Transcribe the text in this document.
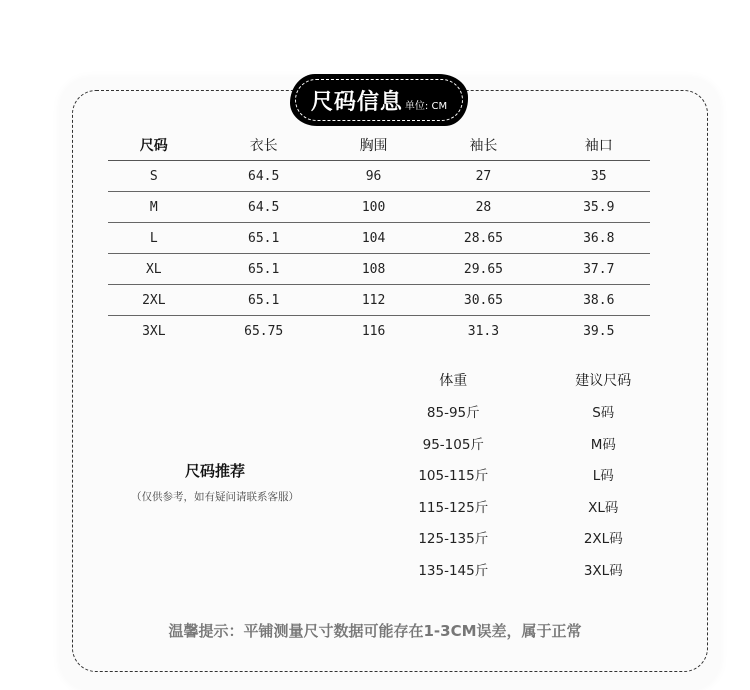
尺码信息 单位: CM
尺码	衣长	胸围	袖长	袖口
S	64.5	96	27	35
M	64.5	100	28	35.9
L	65.1	104	28.65	36.8
XL	65.1	108	29.65	37.7
2XL	65.1	112	30.65	38.6
3XL	65.75	116	31.3	39.5
尺码推荐
（仅供参考，如有疑问请联系客服）
体重	建议尺码
85-95斤	S码
95-105斤	M码
105-115斤	L码
115-125斤	XL码
125-135斤	2XL码
135-145斤	3XL码
温馨提示：平铺测量尺寸数据可能存在1-3CM误差，属于正常
